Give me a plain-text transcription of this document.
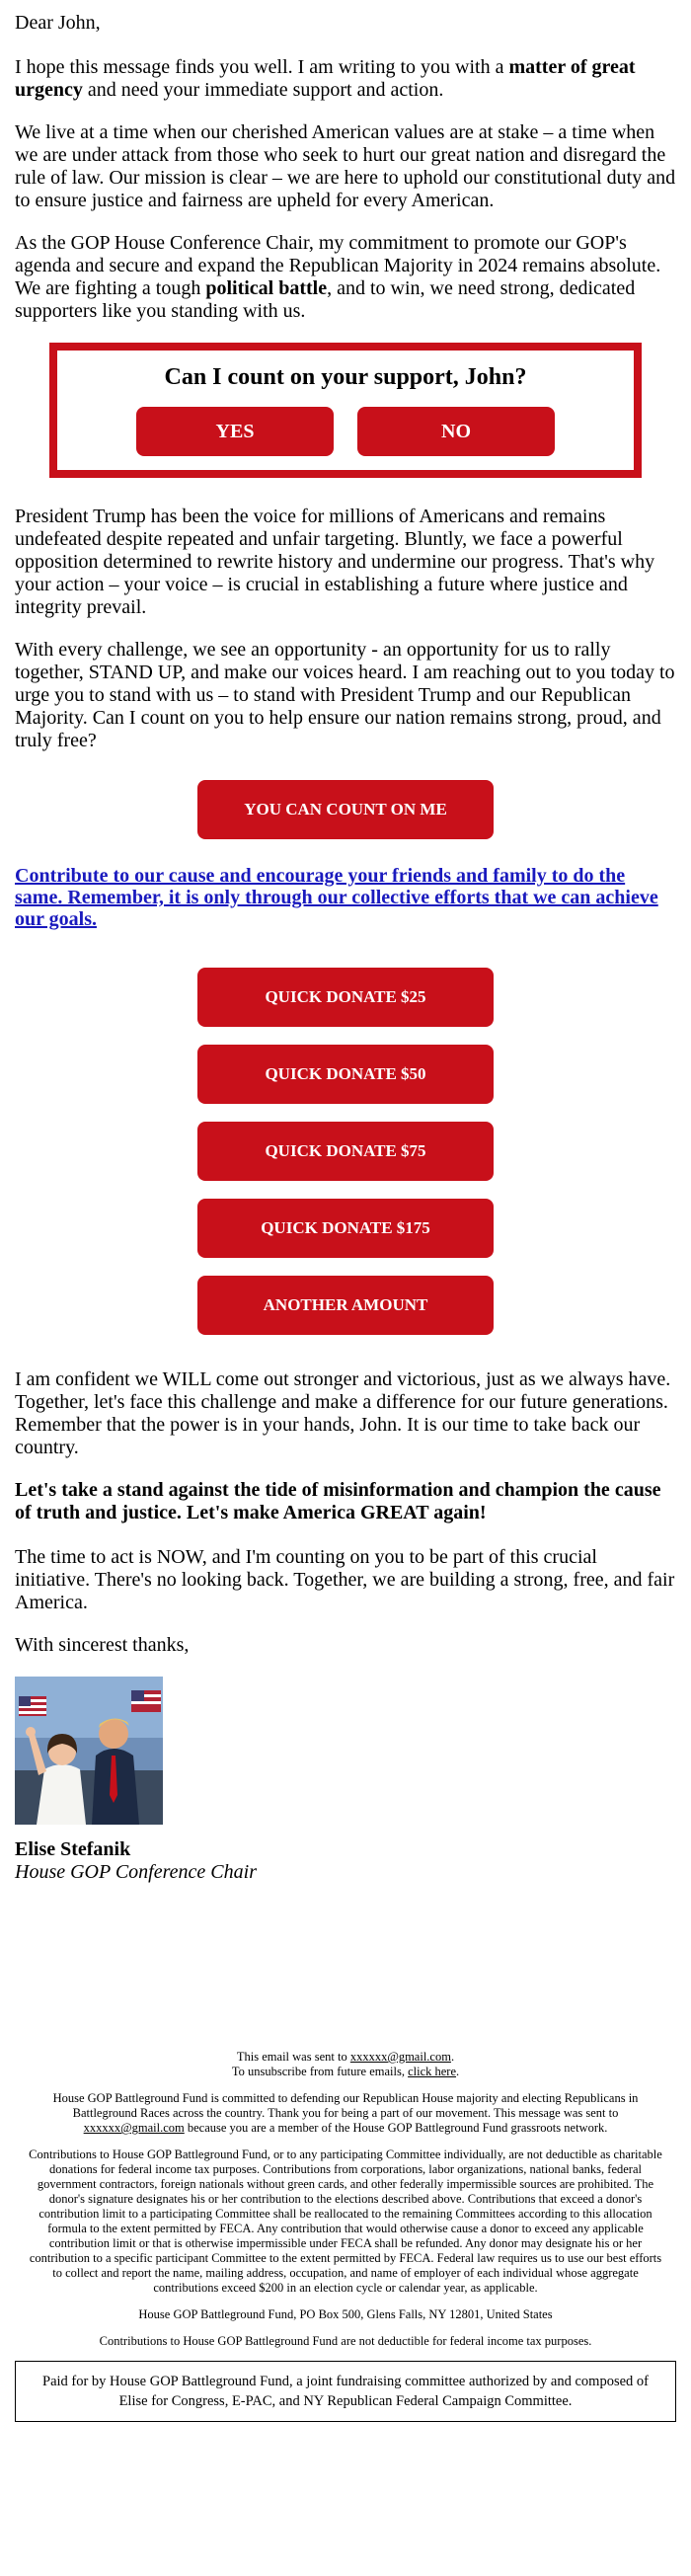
Dear John,

I hope this message finds you well. I am writing to you with a matter of great urgency and need your immediate support and action.

We live at a time when our cherished American values are at stake – a time when we are under attack from those who seek to hurt our great nation and disregard the rule of law. Our mission is clear – we are here to uphold our constitutional duty and to ensure justice and fairness are upheld for every American.

As the GOP House Conference Chair, my commitment to promote our GOP's agenda and secure and expand the Republican Majority in 2024 remains absolute. We are fighting a tough political battle, and to win, we need strong, dedicated supporters like you standing with us.

Can I count on your support, John?
YES	NO

President Trump has been the voice for millions of Americans and remains undefeated despite repeated and unfair targeting. Bluntly, we face a powerful opposition determined to rewrite history and undermine our progress. That's why your action – your voice – is crucial in establishing a future where justice and integrity prevail.

With every challenge, we see an opportunity - an opportunity for us to rally together, STAND UP, and make our voices heard. I am reaching out to you today to urge you to stand with us – to stand with President Trump and our Republican Majority. Can I count on you to help ensure our nation remains strong, proud, and truly free?

YOU CAN COUNT ON ME

Contribute to our cause and encourage your friends and family to do the same. Remember, it is only through our collective efforts that we can achieve our goals.

QUICK DONATE $25
QUICK DONATE $50
QUICK DONATE $75
QUICK DONATE $175
ANOTHER AMOUNT

I am confident we WILL come out stronger and victorious, just as we always have. Together, let's face this challenge and make a difference for our future generations. Remember that the power is in your hands, John. It is our time to take back our country.

Let's take a stand against the tide of misinformation and champion the cause of truth and justice. Let's make America GREAT again!

The time to act is NOW, and I'm counting on you to be part of this crucial initiative. There's no looking back. Together, we are building a strong, free, and fair America.

With sincerest thanks,

Elise Stefanik
House GOP Conference Chair

This email was sent to xxxxxx@gmail.com.
To unsubscribe from future emails, click here.

House GOP Battleground Fund is committed to defending our Republican House majority and electing Republicans in Battleground Races across the country. Thank you for being a part of our movement. This message was sent to xxxxxx@gmail.com because you are a member of the House GOP Battleground Fund grassroots network.

Contributions to House GOP Battleground Fund, or to any participating Committee individually, are not deductible as charitable donations for federal income tax purposes. Contributions from corporations, labor organizations, national banks, federal government contractors, foreign nationals without green cards, and other federally impermissible sources are prohibited. The donor's signature designates his or her contribution to the elections described above. Contributions that exceed a donor's contribution limit to a participating Committee shall be reallocated to the remaining Committees according to this allocation formula to the extent permitted by FECA. Any contribution that would otherwise cause a donor to exceed any applicable contribution limit or that is otherwise impermissible under FECA shall be refunded. Any donor may designate his or her contribution to a specific participant Committee to the extent permitted by FECA. Federal law requires us to use our best efforts to collect and report the name, mailing address, occupation, and name of employer of each individual whose aggregate contributions exceed $200 in an election cycle or calendar year, as applicable.

House GOP Battleground Fund, PO Box 500, Glens Falls, NY 12801, United States

Contributions to House GOP Battleground Fund are not deductible for federal income tax purposes.

Paid for by House GOP Battleground Fund, a joint fundraising committee authorized by and composed of Elise for Congress, E-PAC, and NY Republican Federal Campaign Committee.
